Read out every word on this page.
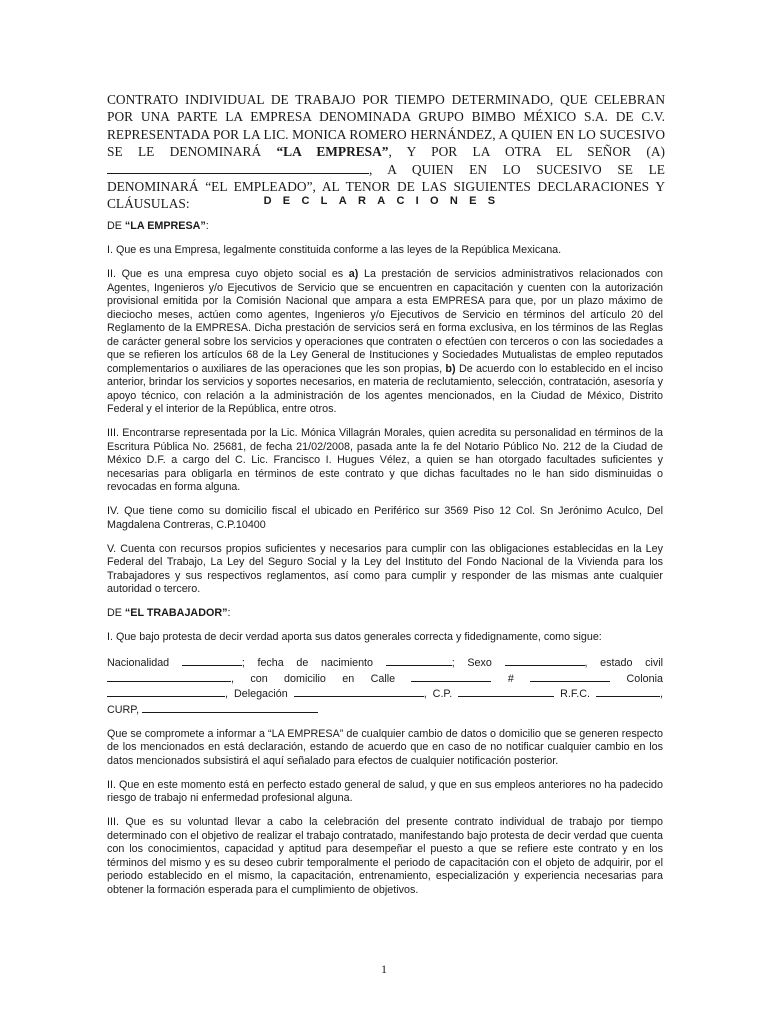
CONTRATO INDIVIDUAL DE TRABAJO POR TIEMPO DETERMINADO, QUE CELEBRAN POR UNA PARTE LA EMPRESA DENOMINADA GRUPO BIMBO MÉXICO S.A. DE C.V. REPRESENTADA POR LA LIC. MONICA ROMERO HERNÁNDEZ, A QUIEN EN LO SUCESIVO SE LE DENOMINARÁ “LA EMPRESA”, Y POR LA OTRA EL SEÑOR (A) , A QUIEN EN LO SUCESIVO SE LE DENOMINARÁ “EL EMPLEADO”, AL TENOR DE LAS SIGUIENTES DECLARACIONES Y CLÁUSULAS:	DECLARACIONES
DE “LA EMPRESA”:

I. Que es una Empresa, legalmente constituida conforme a las leyes de la República Mexicana.

II. Que es una empresa cuyo objeto social es a) La prestación de servicios administrativos relacionados con Agentes, Ingenieros y/o Ejecutivos de Servicio que se encuentren en capacitación y cuenten con la autorización provisional emitida por la Comisión Nacional que ampara a esta EMPRESA para que, por un plazo máximo de dieciocho meses, actúen como agentes, Ingenieros y/o Ejecutivos de Servicio en términos del artículo 20 del Reglamento de la EMPRESA. Dicha prestación de servicios será en forma exclusiva, en los términos de las Reglas de carácter general sobre los servicios y operaciones que contraten o efectúen con terceros o con las sociedades a que se refieren los artículos 68 de la Ley General de Instituciones y Sociedades Mutualistas de empleo reputados complementarios o auxiliares de las operaciones que les son propias, b) De acuerdo con lo establecido en el inciso anterior, brindar los servicios y soportes necesarios, en materia de reclutamiento, selección, contratación, asesoría y apoyo técnico, con relación a la administración de los agentes mencionados, en la Ciudad de México, Distrito Federal y el interior de la República, entre otros.

III. Encontrarse representada por la Lic. Mónica Villagrán Morales, quien acredita su personalidad en términos de la Escritura Pública No. 25681, de fecha 21/02/2008, pasada ante la fe del Notario Público No. 212 de la Ciudad de México D.F. a cargo del C. Lic. Francisco I. Hugues Vélez, a quien se han otorgado facultades suficientes y necesarias para obligarla en términos de este contrato y que dichas facultades no le han sido disminuidas o revocadas en forma alguna.

IV. Que tiene como su domicilio fiscal el ubicado en Periférico sur 3569 Piso 12 Col. Sn Jerónimo Aculco, Del Magdalena Contreras, C.P.10400

V. Cuenta con recursos propios suficientes y necesarios para cumplir con las obligaciones establecidas en la Ley Federal del Trabajo, La Ley del Seguro Social y la Ley del Instituto del Fondo Nacional de la Vivienda para los Trabajadores y sus respectivos reglamentos, así como para cumplir y responder de las mismas ante cualquier autoridad o tercero.

DE “EL TRABAJADOR”:

I. Que bajo protesta de decir verdad aporta sus datos generales correcta y fidedignamente, como sigue:

Nacionalidad	; fecha de nacimiento	; Sexo	, estado civil , con domicilio en Calle	#	Colonia , Delegación	, C.P.	R.F.C.	, CURP,

Que se compromete a informar a “LA EMPRESA” de cualquier cambio de datos o domicilio que se generen respecto de los mencionados en está declaración, estando de acuerdo que en caso de no notificar cualquier cambio en los datos mencionados subsistirá el aquí señalado para efectos de cualquier notificación posterior.

II. Que en este momento está en perfecto estado general de salud, y que en sus empleos anteriores no ha padecido riesgo de trabajo ni enfermedad profesional alguna.

III. Que es su voluntad llevar a cabo la celebración del presente contrato individual de trabajo por tiempo determinado con el objetivo de realizar el trabajo contratado, manifestando bajo protesta de decir verdad que cuenta con los conocimientos, capacidad y aptitud para desempeñar el puesto a que se refiere este contrato y en los términos del mismo y es su deseo cubrir temporalmente el periodo de capacitación con el objeto de adquirir, por el periodo establecido en el mismo, la capacitación, entrenamiento, especialización y experiencia necesarias para obtener la formación esperada para el cumplimiento de objetivos.

1
